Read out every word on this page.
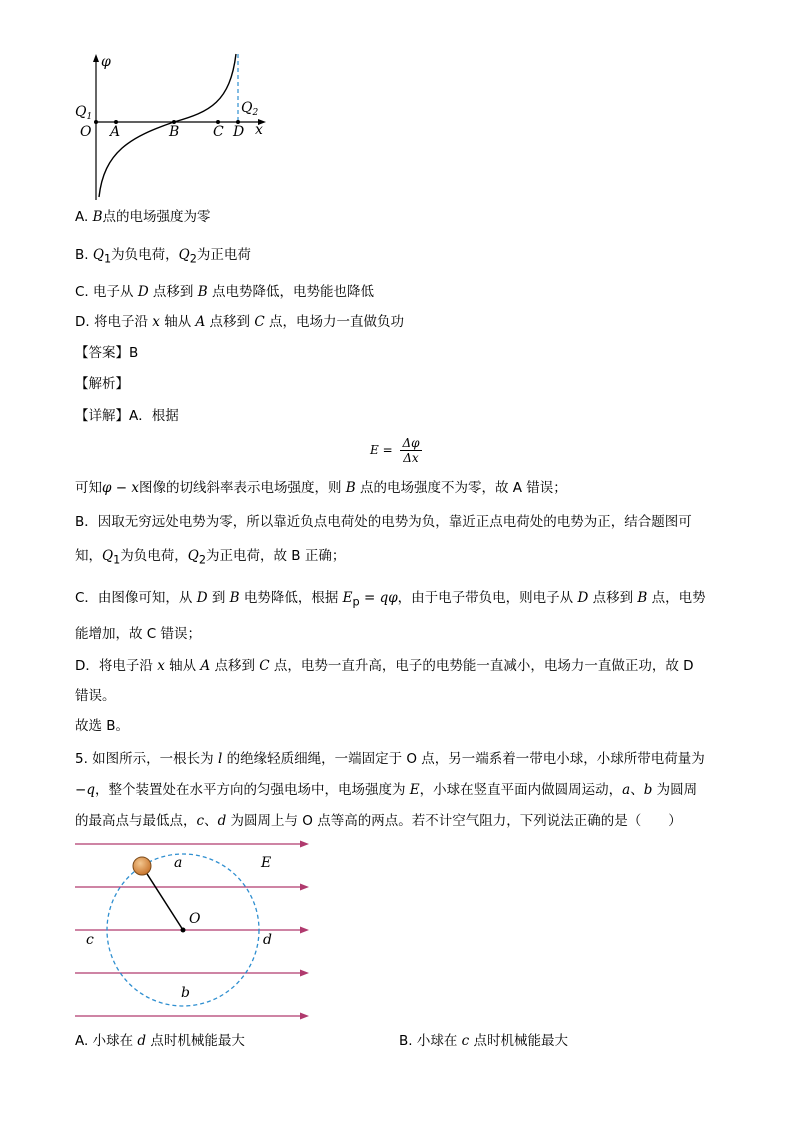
φ
$Q_1$
$Q_2$
O A	B C D x
A. B点的电场强度为零
B. $Q_1$为负电荷，$Q_2$为正电荷
C. 电子从 D 点移到 B 点电势降低，电势能也降低
D. 将电子沿 x 轴从 A 点移到 C 点，电场力一直做负功
【答案】B
【解析】
【详解】A．根据
$E = \frac{\Delta\varphi}{\Delta x}$
可知φ − x图像的切线斜率表示电场强度，则 B 点的电场强度不为零，故 A 错误；
B．因取无穷远处电势为零，所以靠近负点电荷处的电势为负，靠近正点电荷处的电势为正，结合题图可
知，$Q_1$为负电荷，$Q_2$为正电荷，故 B 正确；
C．由图像可知，从 D 到 B 电势降低，根据 $E_p = q\varphi$，由于电子带负电，则电子从 D 点移到 B 点，电势
能增加，故 C 错误；
D．将电子沿 x 轴从 A 点移到 C 点，电势一直升高，电子的电势能一直减小，电场力一直做正功，故 D
错误。
故选 B。
5. 如图所示，一根长为 l 的绝缘轻质细绳，一端固定于 O 点，另一端系着一带电小球，小球所带电荷量为
−q，整个装置处在水平方向的匀强电场中，电场强度为 E，小球在竖直平面内做圆周运动，a、b 为圆周
的最高点与最低点，c、d 为圆周上与 O 点等高的两点。若不计空气阻力，下列说法正确的是（　　）
a	E
O
c	d
b
A. 小球在 d 点时机械能最大	B. 小球在 c 点时机械能最大
